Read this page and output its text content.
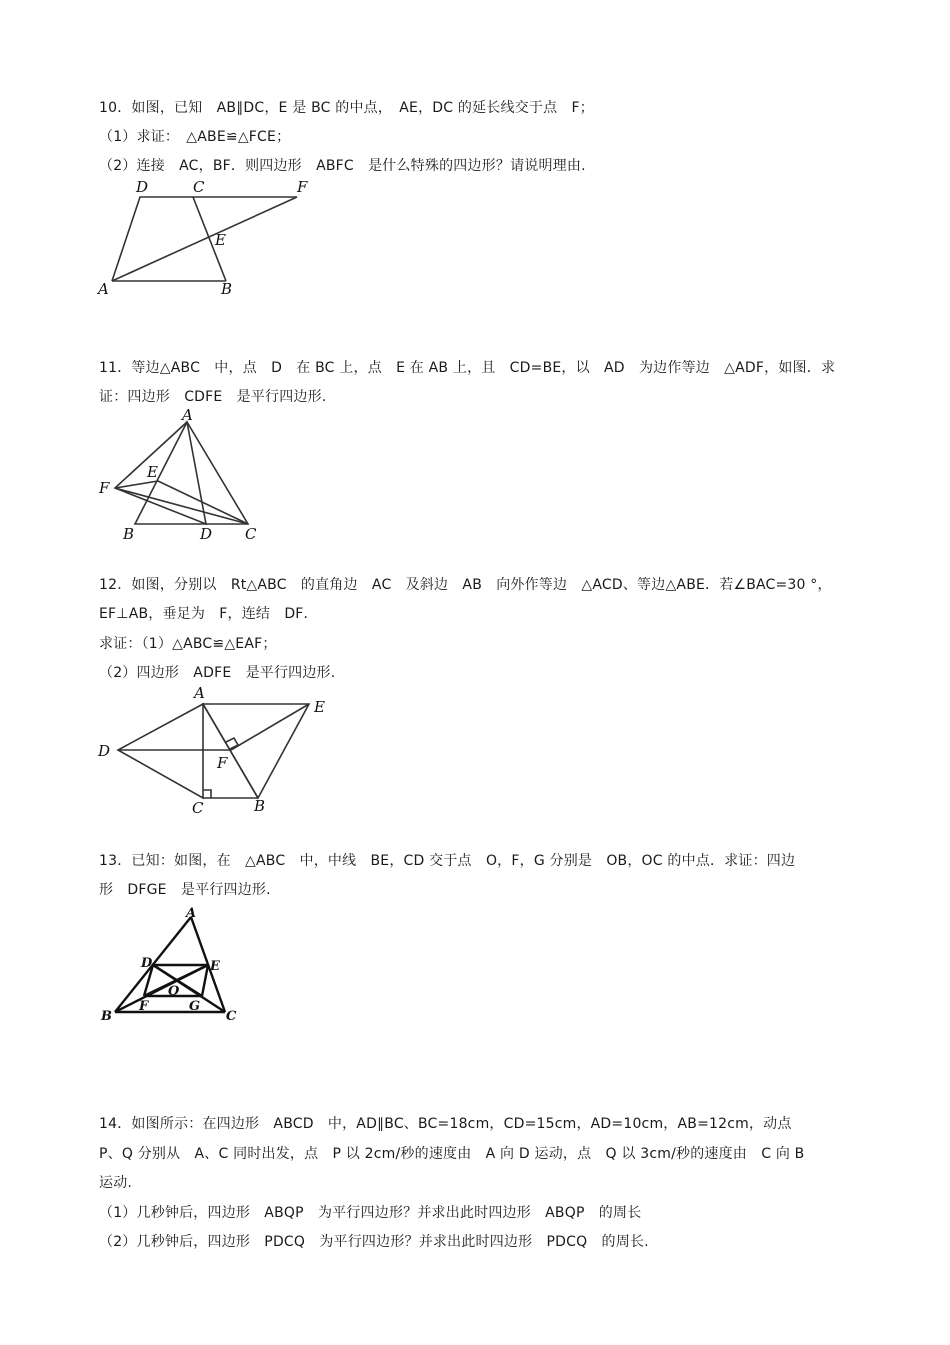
10．如图，已知　AB∥DC，E 是 BC 的中点，　AE，DC 的延长线交于点　F；
（1）求证：　△ABE≌△FCE；
（2）连接　AC，BF．则四边形　ABFC　是什么特殊的四边形？请说明理由.
D	C	F
E
A	B
11．等边△ABC　中，点　D　在 BC 上，点　E 在 AB 上，且　CD=BE，以　AD　为边作等边　△ADF，如图．求
证：四边形　CDFE　是平行四边形.
A
E
F
B	D C
12．如图，分别以　Rt△ABC　的直角边　AC　及斜边　AB　向外作等边　△ACD、等边△ABE．若∠BAC=30 °，
EF⊥AB，垂足为　F，连结　DF．
求证：（1）△ABC≌△EAF；
（2）四边形　ADFE　是平行四边形.
A
E
D
F
C	B
13．已知：如图，在　△ABC　中，中线　BE，CD 交于点　O，F，G 分别是　OB，OC 的中点．求证：四边
形　DFGE　是平行四边形.
A
D	E
O
F	G
B	C
14．如图所示：在四边形　ABCD　中，AD∥BC、BC=18cm，CD=15cm，AD=10cm，AB=12cm，动点
P、Q 分别从　A、C 同时出发，点　P 以 2cm/秒的速度由　A 向 D 运动，点　Q 以 3cm/秒的速度由　C 向 B
运动.
（1）几秒钟后，四边形　ABQP　为平行四边形？并求出此时四边形　ABQP　的周长
（2）几秒钟后，四边形　PDCQ　为平行四边形？并求出此时四边形　PDCQ　的周长.
